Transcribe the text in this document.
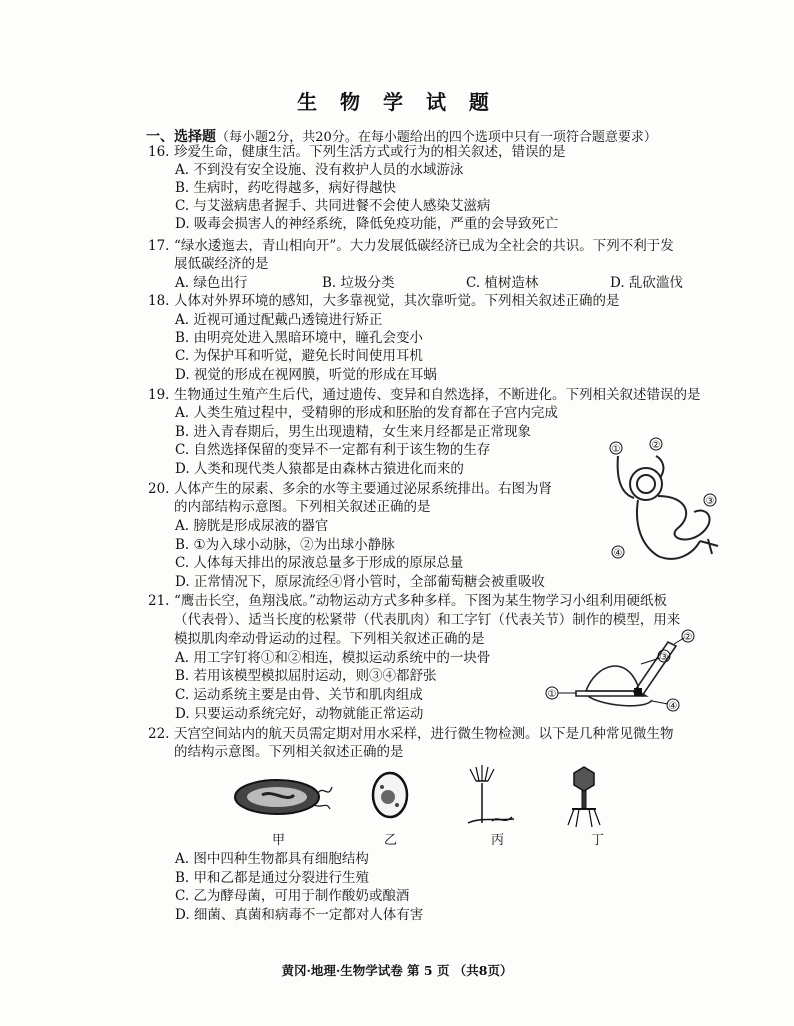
生 物 学 试 题
一、选择题（每小题2分，共20分。在每小题给出的四个选项中只有一项符合题意要求）
16. 珍爱生命，健康生活。下列生活方式或行为的相关叙述，错误的是
A. 不到没有安全设施、没有救护人员的水域游泳
B. 生病时，药吃得越多，病好得越快
C. 与艾滋病患者握手、共同进餐不会使人感染艾滋病
D. 吸毒会损害人的神经系统，降低免疫功能，严重的会导致死亡
17. “绿水逶迤去，青山相向开”。大力发展低碳经济已成为全社会的共识。下列不利于发
展低碳经济的是
A. 绿色出行	B. 垃圾分类	C. 植树造林	D. 乱砍滥伐
18. 人体对外界环境的感知，大多靠视觉，其次靠听觉。下列相关叙述正确的是
A. 近视可通过配戴凸透镜进行矫正
B. 由明亮处进入黑暗环境中，瞳孔会变小
C. 为保护耳和听觉，避免长时间使用耳机
D. 视觉的形成在视网膜，听觉的形成在耳蜗
19. 生物通过生殖产生后代，通过遗传、变异和自然选择，不断进化。下列相关叙述错误的是
A. 人类生殖过程中，受精卵的形成和胚胎的发育都在子宫内完成
B. 进入青春期后，男生出现遗精，女生来月经都是正常现象
C. 自然选择保留的变异不一定都有利于该生物的生存
D. 人类和现代类人猿都是由森林古猿进化而来的
20. 人体产生的尿素、多余的水等主要通过泌尿系统排出。右图为肾
的内部结构示意图。下列相关叙述正确的是
A. 膀胱是形成尿液的器官
B. ①为入球小动脉，②为出球小静脉
C. 人体每天排出的尿液总量多于形成的原尿总量
D. 正常情况下，原尿流经④肾小管时，全部葡萄糖会被重吸收
①	②
③
④
21. “鹰击长空，鱼翔浅底。”动物运动方式多种多样。下图为某生物学习小组利用硬纸板
（代表骨）、适当长度的松紧带（代表肌肉）和工字钉（代表关节）制作的模型，用来
模拟肌肉牵动骨运动的过程。下列相关叙述正确的是
A. 用工字钉将①和②相连，模拟运动系统中的一块骨
B. 若用该模型模拟屈肘运动，则③④都舒张
C. 运动系统主要是由骨、关节和肌肉组成
D. 只要运动系统完好，动物就能正常运动
①
②
③
④
22. 天宫空间站内的航天员需定期对用水采样，进行微生物检测。以下是几种常见微生物
的结构示意图。下列相关叙述正确的是
甲	乙	丙	丁
A. 图中四种生物都具有细胞结构
B. 甲和乙都是通过分裂进行生殖
C. 乙为酵母菌，可用于制作酸奶或酿酒
D. 细菌、真菌和病毒不一定都对人体有害
黄冈·地理·生物学试卷 第 5 页 （共8页）
